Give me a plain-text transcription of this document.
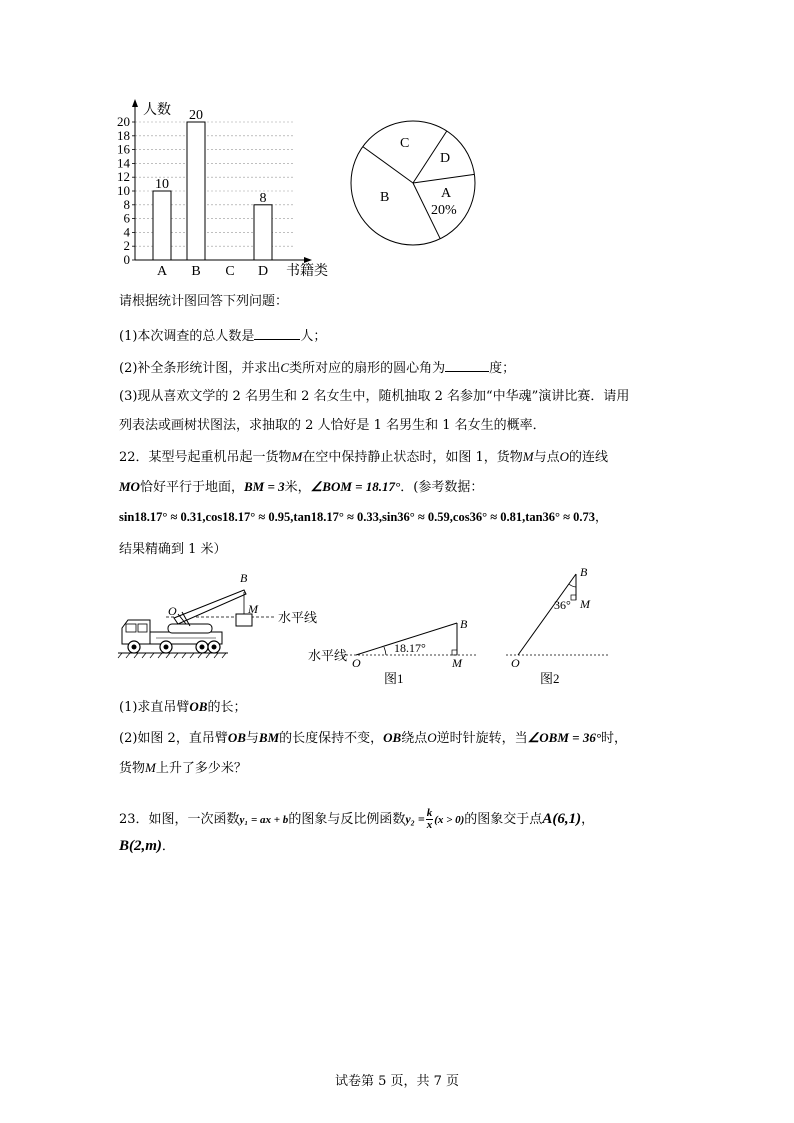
0
2
4
6
8
10
12
14
16
18
20
10
20
8
A B C D
人数
书籍类
C
D
B	A
20%
请根据统计图回答下列问题：
(1)本次调查的总人数是	人；
(2)补全条形统计图，并求出C类所对应的扇形的圆心角为	度；
(3)现从喜欢文学的 2 名男生和 2 名女生中，随机抽取 2 名参加“中华魂”演讲比赛．请用
列表法或画树状图法，求抽取的 2 人恰好是 1 名男生和 1 名女生的概率．
22．某型号起重机吊起一货物M在空中保持静止状态时，如图 1，货物M与点O的连线
MO恰好平行于地面，BM = 3米，∠BOM = 18.17°．(参考数据：
sin18.17° ≈ 0.31,cos18.17° ≈ 0.95,tan18.17° ≈ 0.33,sin36° ≈ 0.59,cos36° ≈ 0.81,tan36° ≈ 0.73，
结果精确到 1 米）
水平线
B
O	M
水平线	18.17°
O	M
B
图1
36°
B
M
O
图2
(1)求直吊臂OB的长；
(2)如图 2，直吊臂OB与BM的长度保持不变，OB绕点O逆时针旋转，当∠OBM = 36°时，
货物M上升了多少米？
23．如图，一次函数y₁ = ax + b的图象与反比例函数$y_2 = \frac{k}{x} (x > 0)$的图象交于点A(6,1)，
B(2,m)．
试卷第 5 页，共 7 页
